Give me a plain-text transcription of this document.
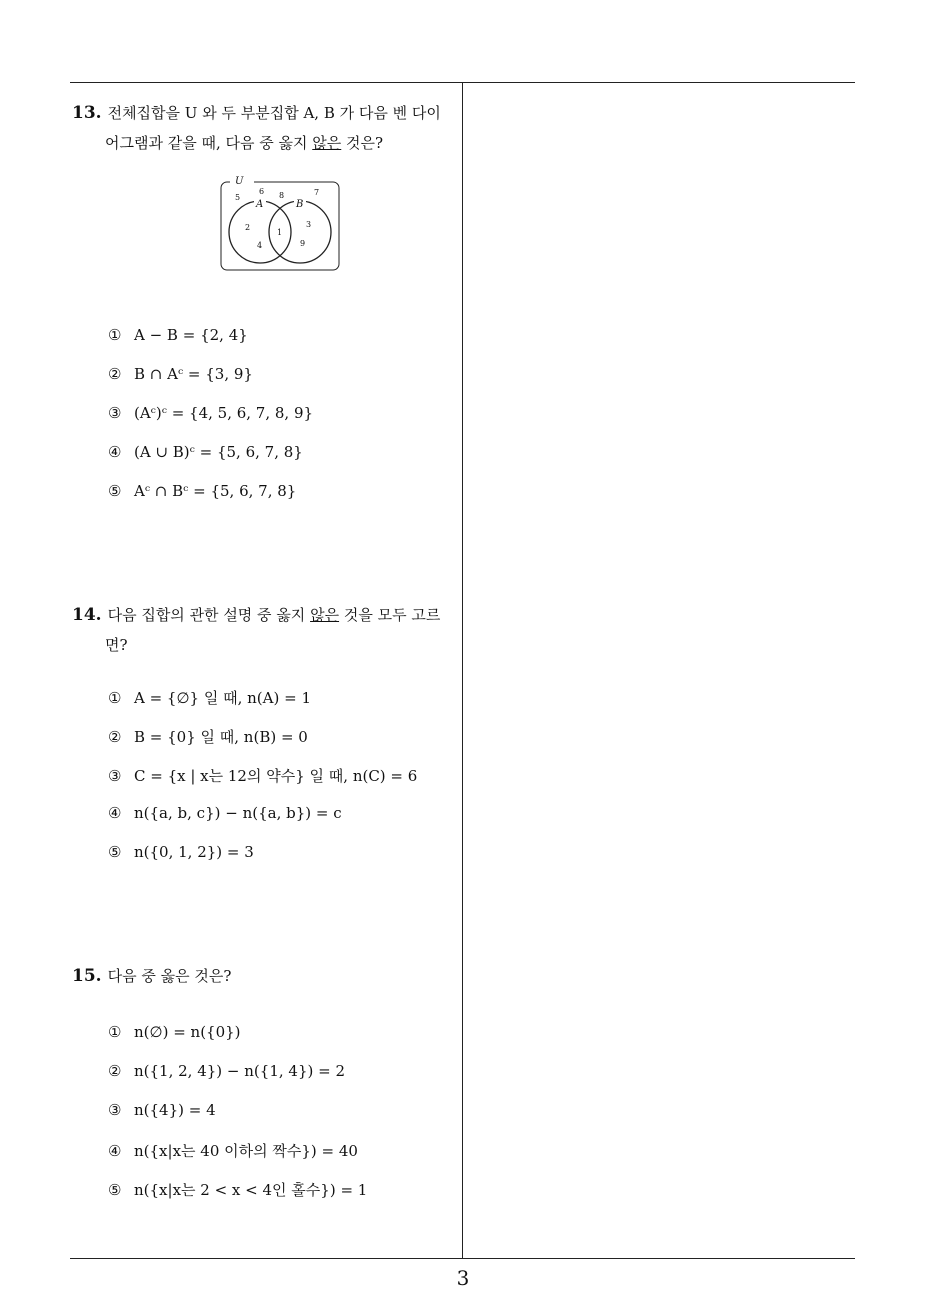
13. 전체집합을 U 와 두 부분집합 A, B 가 다음 벤 다이
어그램과 같을 때, 다음 중 옳지 않은 것은?
U
A	B
5
6 8	7
2
4
1
3
9
① A − B = {2, 4}
② B ∩ Aᶜ = {3, 9}
③ (Aᶜ)ᶜ = {4, 5, 6, 7, 8, 9}
④ (A ∪ B)ᶜ = {5, 6, 7, 8}
⑤ Aᶜ ∩ Bᶜ = {5, 6, 7, 8}
14. 다음 집합의 관한 설명 중 옳지 않은 것을 모두 고르
면?
① A = {∅} 일 때, n(A) = 1
② B = {0} 일 때, n(B) = 0
③ C = {x | x는 12의 약수} 일 때, n(C) = 6
④ n({a, b, c}) − n({a, b}) = c
⑤ n({0, 1, 2}) = 3
15. 다음 중 옳은 것은?
① n(∅) = n({0})
② n({1, 2, 4}) − n({1, 4}) = 2
③ n({4}) = 4
④ n({x|x는 40 이하의 짝수}) = 40
⑤ n({x|x는 2 < x < 4인 홀수}) = 1
3
